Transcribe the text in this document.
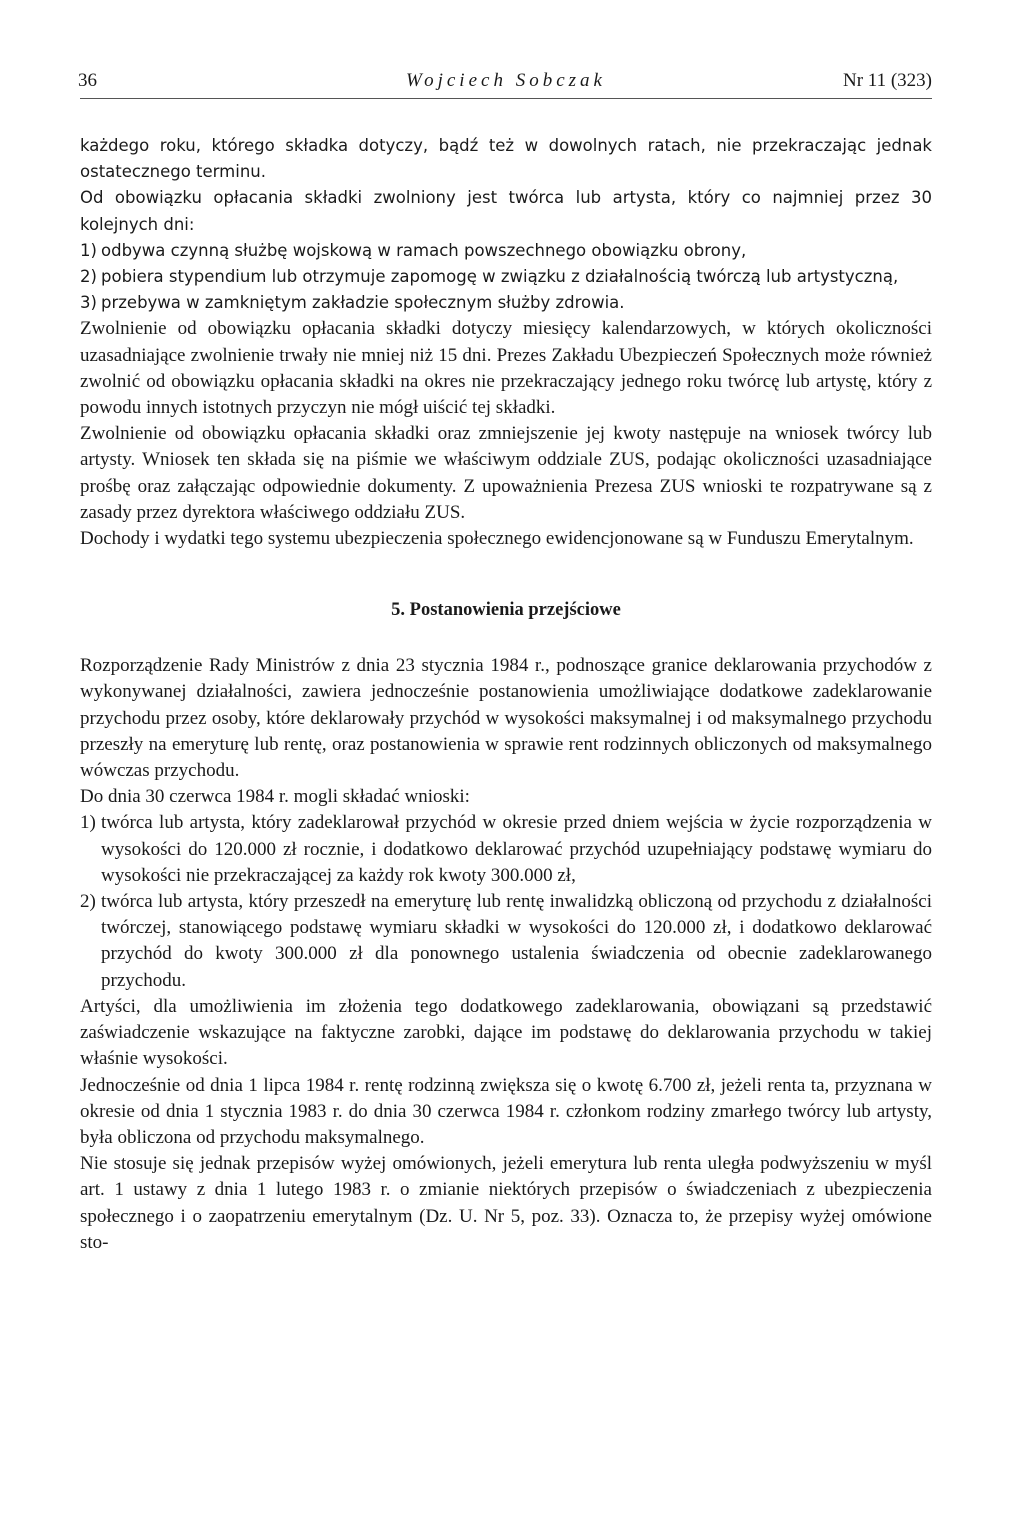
36	Wojciech Sobczak	Nr 11 (323)

każdego roku, którego składka dotyczy, bądź też w dowolnych ratach, nie przekraczając jednak ostatecznego terminu.

Od obowiązku opłacania składki zwolniony jest twórca lub artysta, który co najmniej przez 30 kolejnych dni:

1) odbywa czynną służbę wojskową w ramach powszechnego obowiązku obrony,
2) pobiera stypendium lub otrzymuje zapomogę w związku z działalnością twórczą lub artystyczną,
3) przebywa w zamkniętym zakładzie społecznym służby zdrowia.

Zwolnienie od obowiązku opłacania składki dotyczy miesięcy kalendarzowych, w których okoliczności uzasadniające zwolnienie trwały nie mniej niż 15 dni. Prezes Zakładu Ubezpieczeń Społecznych może również zwolnić od obowiązku opłacania składki na okres nie przekraczający jednego roku twórcę lub artystę, który z powodu innych istotnych przyczyn nie mógł uiścić tej składki.

Zwolnienie od obowiązku opłacania składki oraz zmniejszenie jej kwoty następuje na wniosek twórcy lub artysty. Wniosek ten składa się na piśmie we właściwym oddziale ZUS, podając okoliczności uzasadniające prośbę oraz załączając odpowiednie dokumenty. Z upoważnienia Prezesa ZUS wnioski te rozpatrywane są z zasady przez dyrektora właściwego oddziału ZUS.

Dochody i wydatki tego systemu ubezpieczenia społecznego ewidencjonowane są w Funduszu Emerytalnym.

5. Postanowienia przejściowe

Rozporządzenie Rady Ministrów z dnia 23 stycznia 1984 r., podnoszące granice deklarowania przychodów z wykonywanej działalności, zawiera jednocześnie postanowienia umożliwiające dodatkowe zadeklarowanie przychodu przez osoby, które deklarowały przychód w wysokości maksymalnej i od maksymalnego przychodu przeszły na emeryturę lub rentę, oraz postanowienia w sprawie rent rodzinnych obliczonych od maksymalnego wówczas przychodu.

Do dnia 30 czerwca 1984 r. mogli składać wnioski:

1) twórca lub artysta, który zadeklarował przychód w okresie przed dniem wejścia w życie rozporządzenia w wysokości do 120.000 zł rocznie, i dodatkowo deklarować przychód uzupełniający podstawę wymiaru do wysokości nie przekraczającej za każdy rok kwoty 300.000 zł,
2) twórca lub artysta, który przeszedł na emeryturę lub rentę inwalidzką obliczoną od przychodu z działalności twórczej, stanowiącego podstawę wymiaru składki w wysokości do 120.000 zł, i dodatkowo deklarować przychód do kwoty 300.000 zł dla ponownego ustalenia świadczenia od obecnie zadeklarowanego przychodu.

Artyści, dla umożliwienia im złożenia tego dodatkowego zadeklarowania, obowiązani są przedstawić zaświadczenie wskazujące na faktyczne zarobki, dające im podstawę do deklarowania przychodu w takiej właśnie wysokości.

Jednocześnie od dnia 1 lipca 1984 r. rentę rodzinną zwiększa się o kwotę 6.700 zł, jeżeli renta ta, przyznana w okresie od dnia 1 stycznia 1983 r. do dnia 30 czerwca 1984 r. członkom rodziny zmarłego twórcy lub artysty, była obliczona od przychodu maksymalnego.

Nie stosuje się jednak przepisów wyżej omówionych, jeżeli emerytura lub renta uległa podwyższeniu w myśl art. 1 ustawy z dnia 1 lutego 1983 r. o zmianie niektórych przepisów o świadczeniach z ubezpieczenia społecznego i o zaopatrzeniu emerytalnym (Dz. U. Nr 5, poz. 33). Oznacza to, że przepisy wyżej omówione sto-
